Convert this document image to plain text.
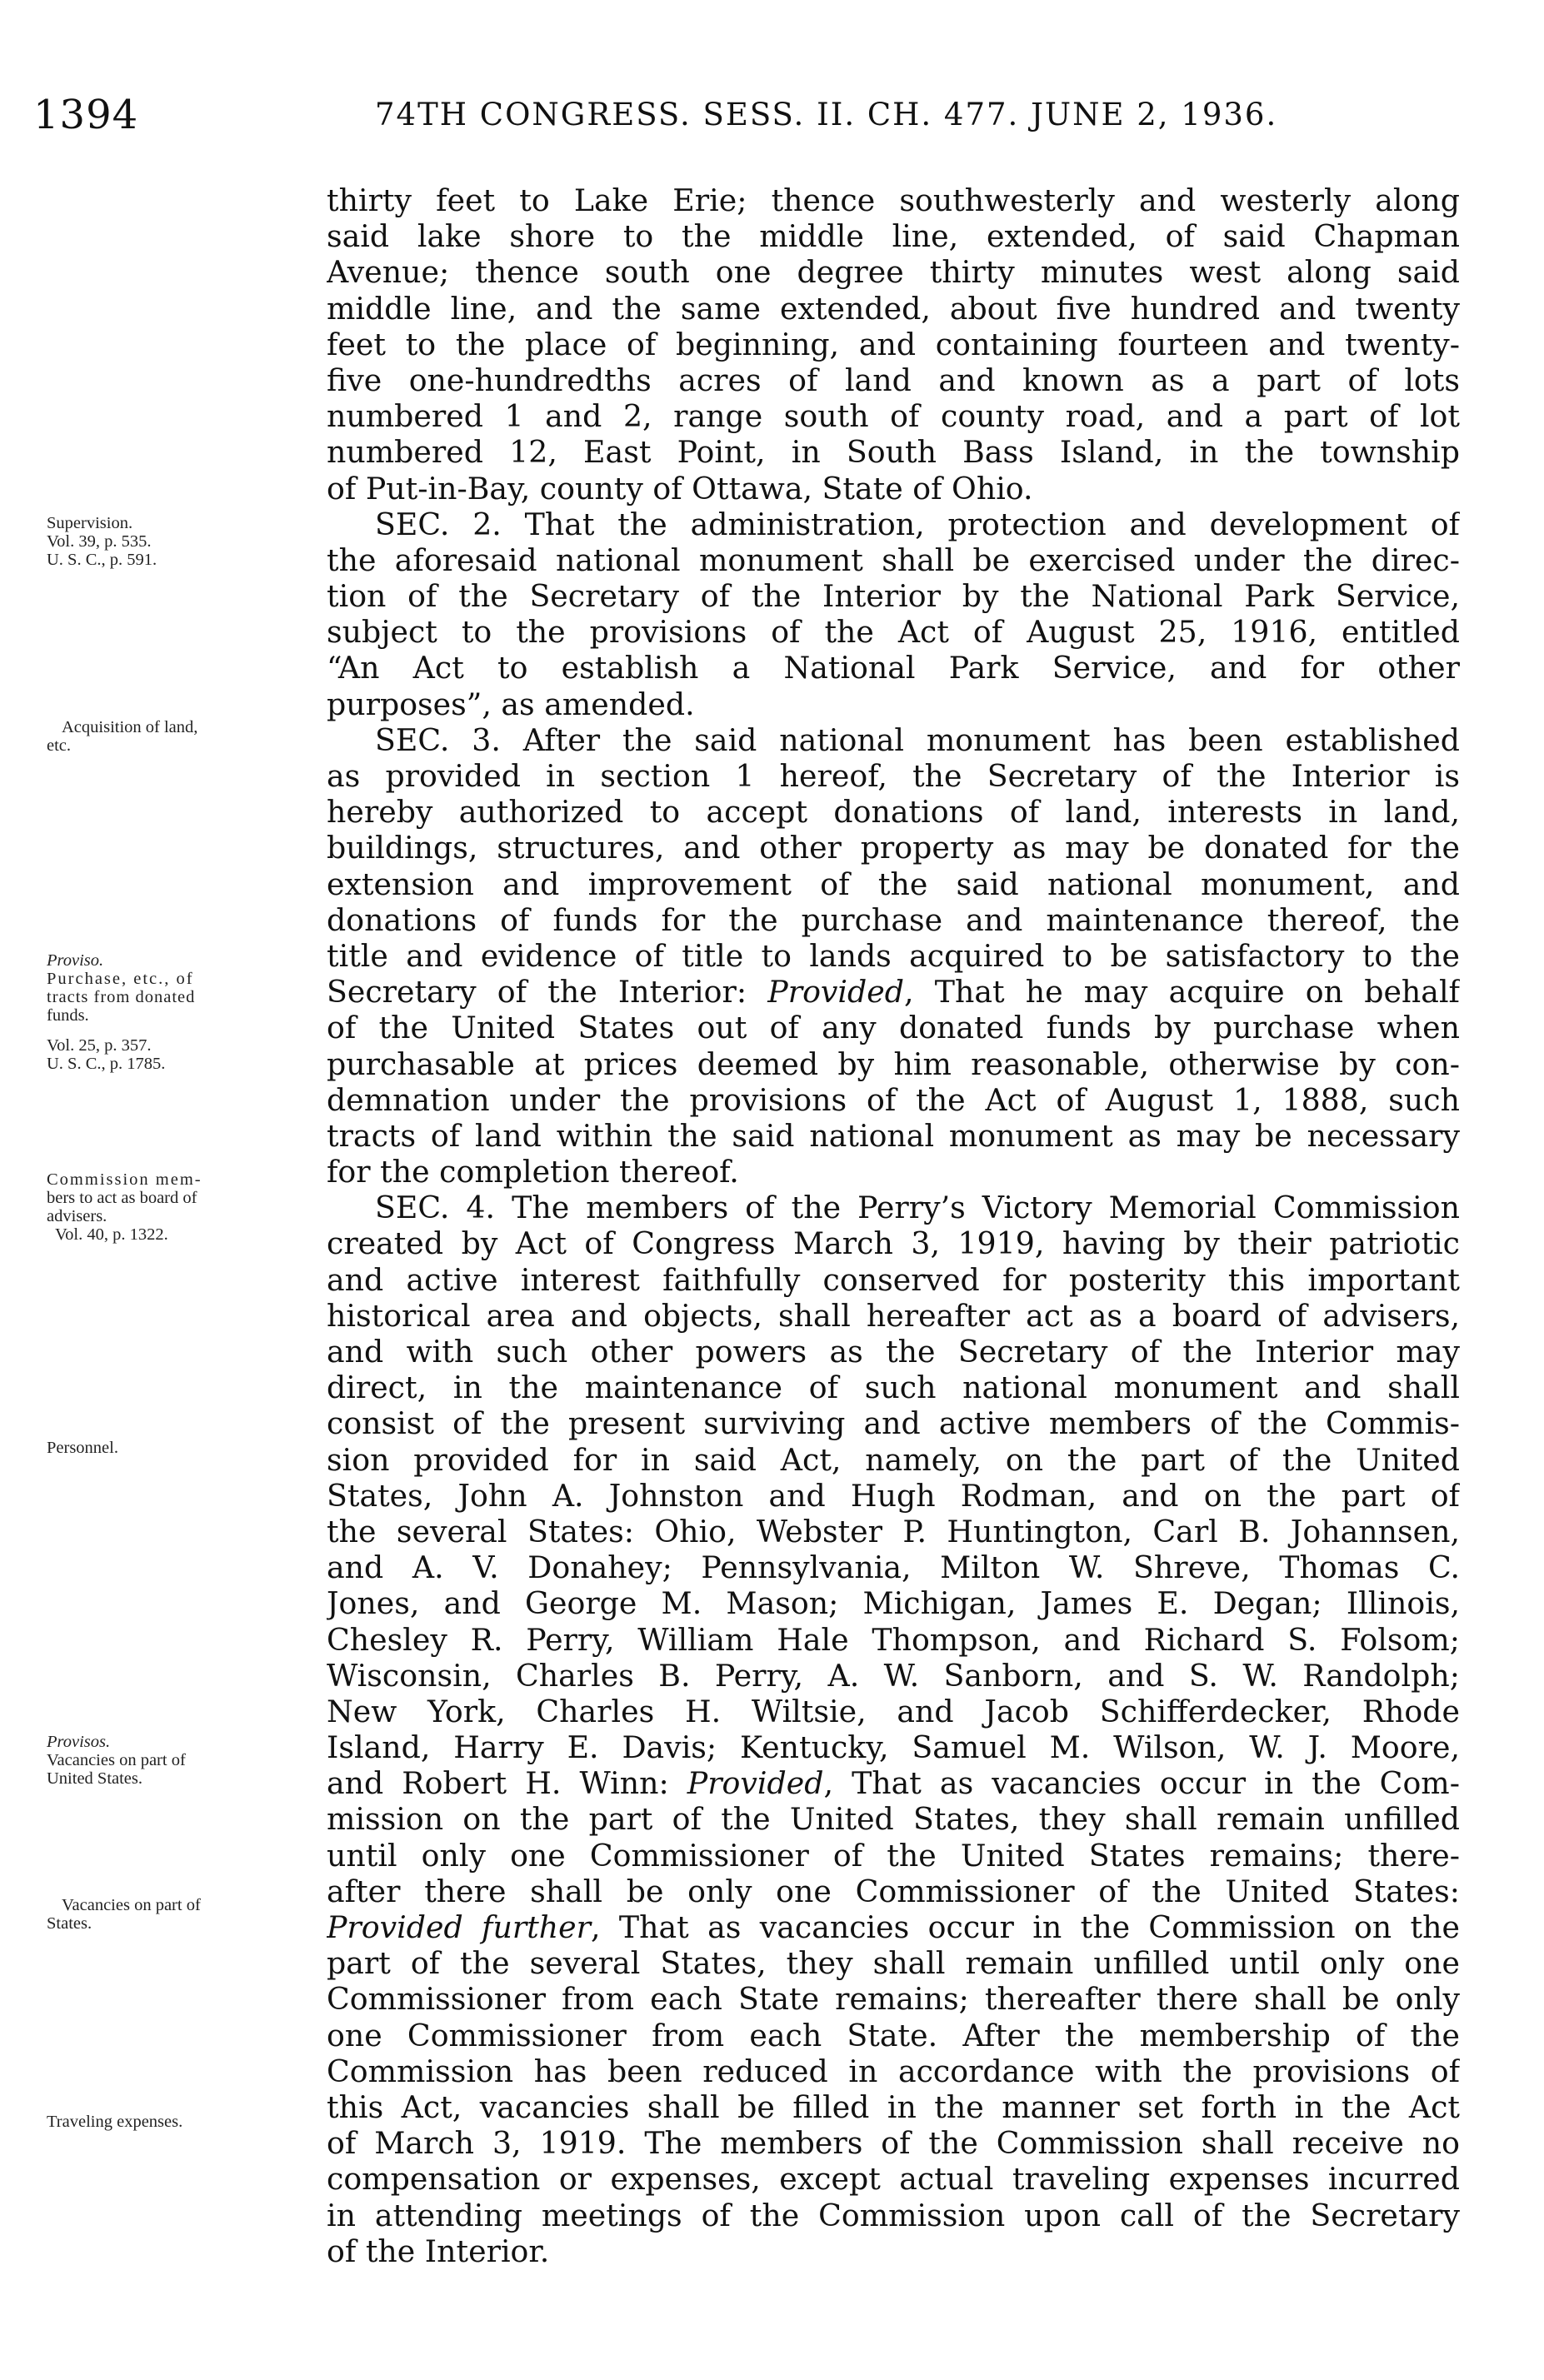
1394	74TH CONGRESS. SESS. II. CH. 477. JUNE 2, 1936.
thirty feet to Lake Erie; thence southwesterly and westerly along
said lake shore to the middle line, extended, of said Chapman
Avenue; thence south one degree thirty minutes west along said
middle line, and the same extended, about five hundred and twenty
feet to the place of beginning, and containing fourteen and twenty-
five one-hundredths acres of land and known as a part of lots
numbered 1 and 2, range south of county road, and a part of lot
numbered 12, East Point, in South Bass Island, in the township
of Put-in-Bay, county of Ottawa, State of Ohio.
SEC. 2. That the administration, protection and development of
the aforesaid national monument shall be exercised under the direc-
tion of the Secretary of the Interior by the National Park Service,
subject to the provisions of the Act of August 25, 1916, entitled
“An Act to establish a National Park Service, and for other
purposes”, as amended.
SEC. 3. After the said national monument has been established
as provided in section 1 hereof, the Secretary of the Interior is
hereby authorized to accept donations of land, interests in land,
buildings, structures, and other property as may be donated for the
extension and improvement of the said national monument, and
donations of funds for the purchase and maintenance thereof, the
title and evidence of title to lands acquired to be satisfactory to the
Secretary of the Interior: Provided, That he may acquire on behalf
of the United States out of any donated funds by purchase when
purchasable at prices deemed by him reasonable, otherwise by con-
demnation under the provisions of the Act of August 1, 1888, such
tracts of land within the said national monument as may be necessary
for the completion thereof.
SEC. 4. The members of the Perry’s Victory Memorial Commission
created by Act of Congress March 3, 1919, having by their patriotic
and active interest faithfully conserved for posterity this important
historical area and objects, shall hereafter act as a board of advisers,
and with such other powers as the Secretary of the Interior may
direct, in the maintenance of such national monument and shall
consist of the present surviving and active members of the Commis-
sion provided for in said Act, namely, on the part of the United
States, John A. Johnston and Hugh Rodman, and on the part of
the several States: Ohio, Webster P. Huntington, Carl B. Johannsen,
and A. V. Donahey; Pennsylvania, Milton W. Shreve, Thomas C.
Jones, and George M. Mason; Michigan, James E. Degan; Illinois,
Chesley R. Perry, William Hale Thompson, and Richard S. Folsom;
Wisconsin, Charles B. Perry, A. W. Sanborn, and S. W. Randolph;
New York, Charles H. Wiltsie, and Jacob Schifferdecker, Rhode
Island, Harry E. Davis; Kentucky, Samuel M. Wilson, W. J. Moore,
and Robert H. Winn: Provided, That as vacancies occur in the Com-
mission on the part of the United States, they shall remain unfilled
until only one Commissioner of the United States remains; there-
after there shall be only one Commissioner of the United States:
Provided further, That as vacancies occur in the Commission on the
part of the several States, they shall remain unfilled until only one
Commissioner from each State remains; thereafter there shall be only
one Commissioner from each State. After the membership of the
Commission has been reduced in accordance with the provisions of
this Act, vacancies shall be filled in the manner set forth in the Act
of March 3, 1919. The members of the Commission shall receive no
compensation or expenses, except actual traveling expenses incurred
in attending meetings of the Commission upon call of the Secretary
of the Interior.
Supervision.
Vol. 39, p. 535.
U. S. C., p. 591.
Acquisition of land,
etc.
Proviso.
Purchase, etc., of
tracts from donated
funds.
Vol. 25, p. 357.
U. S. C., p. 1785.
Commission mem-
bers to act as board of
advisers.
Vol. 40, p. 1322.
Personnel.
Provisos.
Vacancies on part of
United States.
Vacancies on part of
States.
Traveling expenses.
